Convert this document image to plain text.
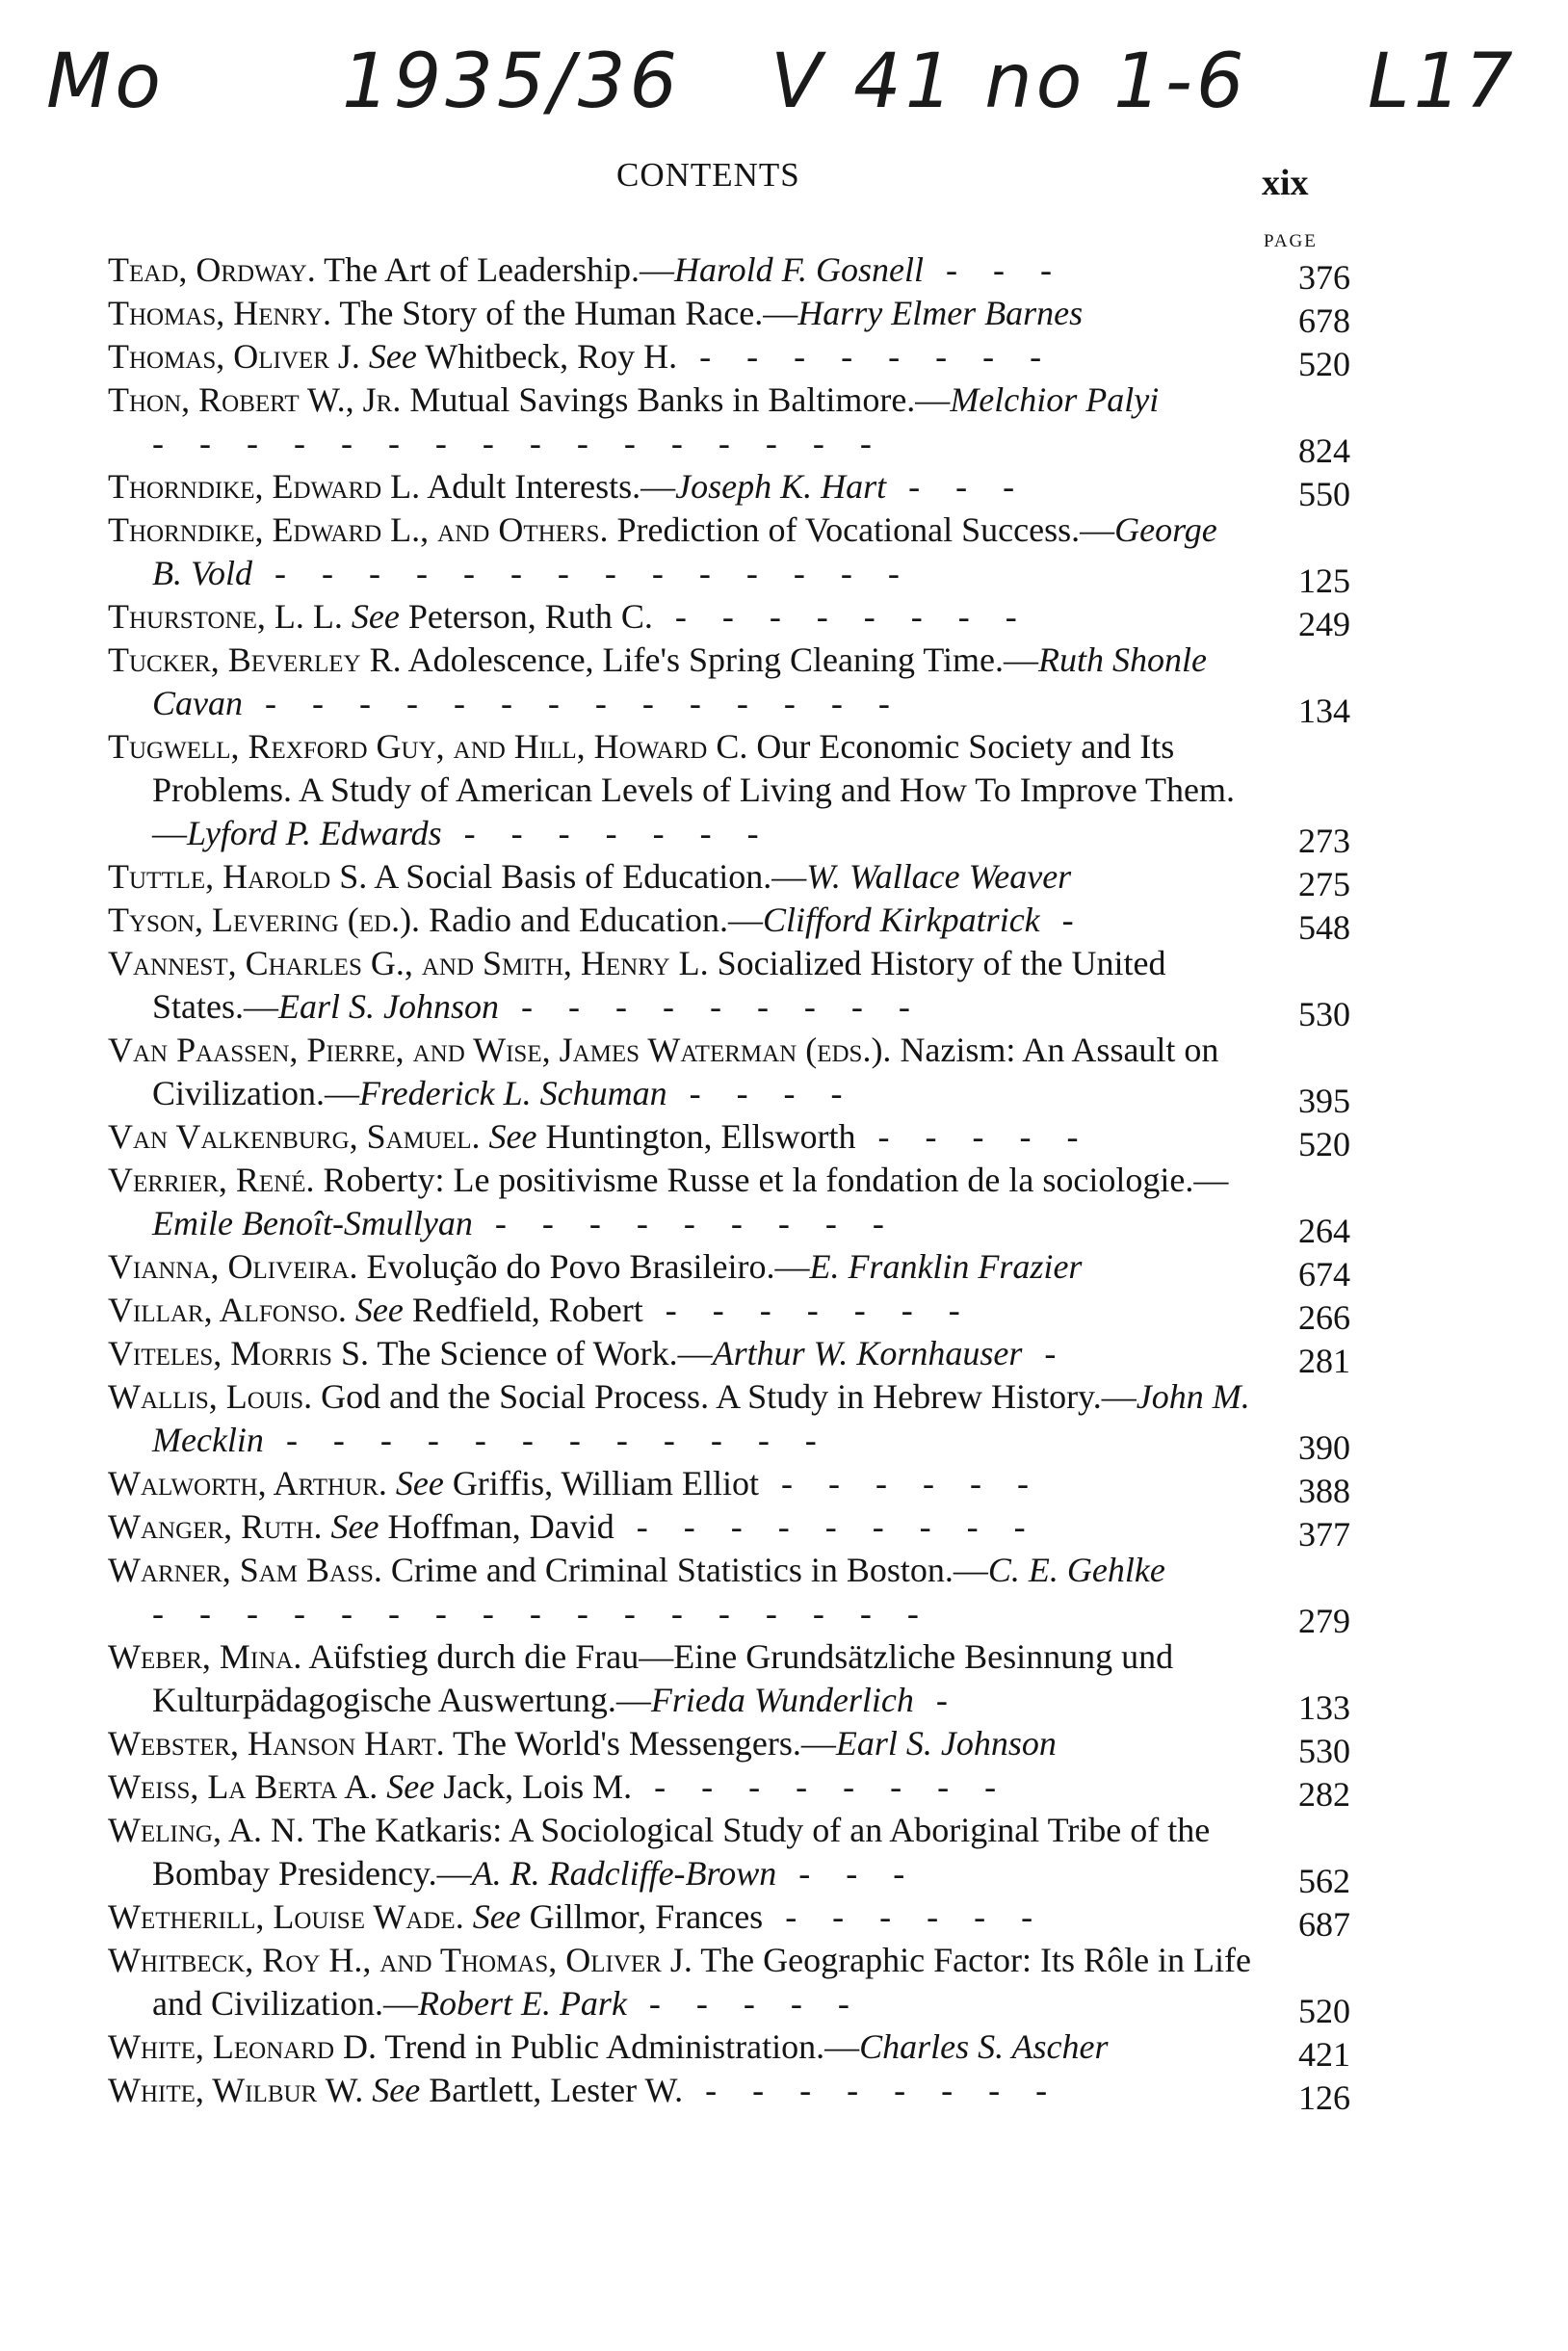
Mo 1935/36 V 41 no 1-6 L17
CONTENTS	xix
PAGE
Tead, Ordway. The Art of Leadership.—Harold F. Gosnell - - -	376
Thomas, Henry. The Story of the Human Race.—Harry Elmer Barnes	678
Thomas, Oliver J. See Whitbeck, Roy H. - - - - - - - -	520
Thon, Robert W., Jr. Mutual Savings Banks in Baltimore.—Melchior Palyi - - - - - - - - - - - - - - - -	824
Thorndike, Edward L. Adult Interests.—Joseph K. Hart - - -	550
Thorndike, Edward L., and Others. Prediction of Vocational Success.—George B. Vold - - - - - - - - - - - - - -	125
Thurstone, L. L. See Peterson, Ruth C. - - - - - - - -	249
Tucker, Beverley R. Adolescence, Life's Spring Cleaning Time.—Ruth Shonle Cavan - - - - - - - - - - - - - -	134
Tugwell, Rexford Guy, and Hill, Howard C. Our Economic Society and Its Problems. A Study of American Levels of Living and How To Improve Them.—Lyford P. Edwards - - - - - - -	273
Tuttle, Harold S. A Social Basis of Education.—W. Wallace Weaver	275
Tyson, Levering (ed.). Radio and Education.—Clifford Kirkpatrick -	548
Vannest, Charles G., and Smith, Henry L. Socialized History of the United States.—Earl S. Johnson - - - - - - - - -	530
Van Paassen, Pierre, and Wise, James Waterman (eds.). Nazism: An Assault on Civilization.—Frederick L. Schuman - - - -	395
Van Valkenburg, Samuel. See Huntington, Ellsworth - - - - -	520
Verrier, René. Roberty: Le positivisme Russe et la fondation de la sociologie.—Emile Benoît-Smullyan - - - - - - - - -	264
Vianna, Oliveira. Evolução do Povo Brasileiro.—E. Franklin Frazier	674
Villar, Alfonso. See Redfield, Robert - - - - - - -	266
Viteles, Morris S. The Science of Work.—Arthur W. Kornhauser -	281
Wallis, Louis. God and the Social Process. A Study in Hebrew History.—John M. Mecklin - - - - - - - - - - - -	390
Walworth, Arthur. See Griffis, William Elliot - - - - - -	388
Wanger, Ruth. See Hoffman, David - - - - - - - - -	377
Warner, Sam Bass. Crime and Criminal Statistics in Boston.—C. E. Gehlke - - - - - - - - - - - - - - - - -	279
Weber, Mina. Aüfstieg durch die Frau—Eine Grundsätzliche Besinnung und Kulturpädagogische Auswertung.—Frieda Wunderlich -	133
Webster, Hanson Hart. The World's Messengers.—Earl S. Johnson	530
Weiss, La Berta A. See Jack, Lois M. - - - - - - - -	282
Weling, A. N. The Katkaris: A Sociological Study of an Aboriginal Tribe of the Bombay Presidency.—A. R. Radcliffe-Brown - - -	562
Wetherill, Louise Wade. See Gillmor, Frances - - - - - -	687
Whitbeck, Roy H., and Thomas, Oliver J. The Geographic Factor: Its Rôle in Life and Civilization.—Robert E. Park - - - - -	520
White, Leonard D. Trend in Public Administration.—Charles S. Ascher	421
White, Wilbur W. See Bartlett, Lester W. - - - - - - - -	126
